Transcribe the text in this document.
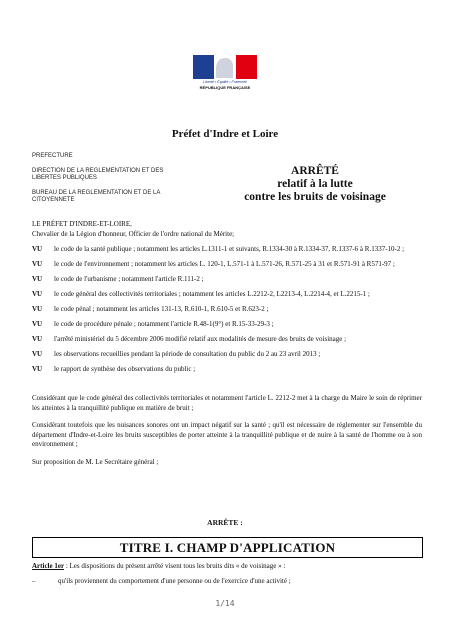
Liberté • Égalité • Fraternité
RÉPUBLIQUE FRANÇAISE
Préfet d'Indre et Loire

PREFECTURE

DIRECTION DE LA REGLEMENTATION ET DES LIBERTES PUBLIQUES

BUREAU DE LA REGLEMENTATION ET DE LA CITOYENNETE

ARRÊTÉ
relatif à la lutte
contre les bruits de voisinage

LE PRÉFET D'INDRE-ET-LOIRE,

Chevalier de la Légion d'honneur, Officier de l'ordre national du Mérite;

VU	le code de la santé publique ; notamment les articles L.1311-1 et suivants, R.1334-30 à R.1334-37, R.1337-6 à R.1337-10-2 ;
VU	le code de l'environnement ; notamment les articles L. 120-1, L.571-1 à L.571-26, R.571-25 à 31 et R.571-91 à R571-97 ;
VU	le code de l'urbanisme ; notamment l'article R.111-2 ;
VU	le code général des collectivités territoriales ; notamment les articles L.2212-2, L2213-4, L.2214-4, et L.2215-1 ;
VU	le code pénal ; notamment les articles 131-13, R.610-1, R.610-5 et R.623-2 ;
VU	le code de procédure pénale ; notamment l'article R.48-1(9°) et R.15-33-29-3 ;
VU	l'arrêté ministériel du 5 décembre 2006 modifié relatif aux modalités de mesure des bruits de voisinage ;
VU	les observations recueillies pendant la période de consultation du public du 2 au 23 avril 2013 ;
VU	le rapport de synthèse des observations du public ;

Considérant que le code général des collectivités territoriales et notamment l'article L. 2212-2 met à la charge du Maire le soin de réprimer les atteintes à la tranquillité publique en matière de bruit ;

Considérant toutefois que les nuisances sonores ont un impact négatif sur la santé ; qu'il est nécessaire de réglementer sur l'ensemble du département d'Indre-et-Loire les bruits susceptibles de porter atteinte à la tranquillité publique et de nuire à la santé de l'homme ou à son environnement ;

Sur proposition de M. Le Secrétaire général ;

ARRÊTE :
TITRE I. CHAMP D'APPLICATION
Article 1er : Les dispositions du présent arrêté visent tous les bruits dits « de voisinage » :
–	qu'ils proviennent du comportement d'une personne ou de l'exercice d'une activité ;
1/14
